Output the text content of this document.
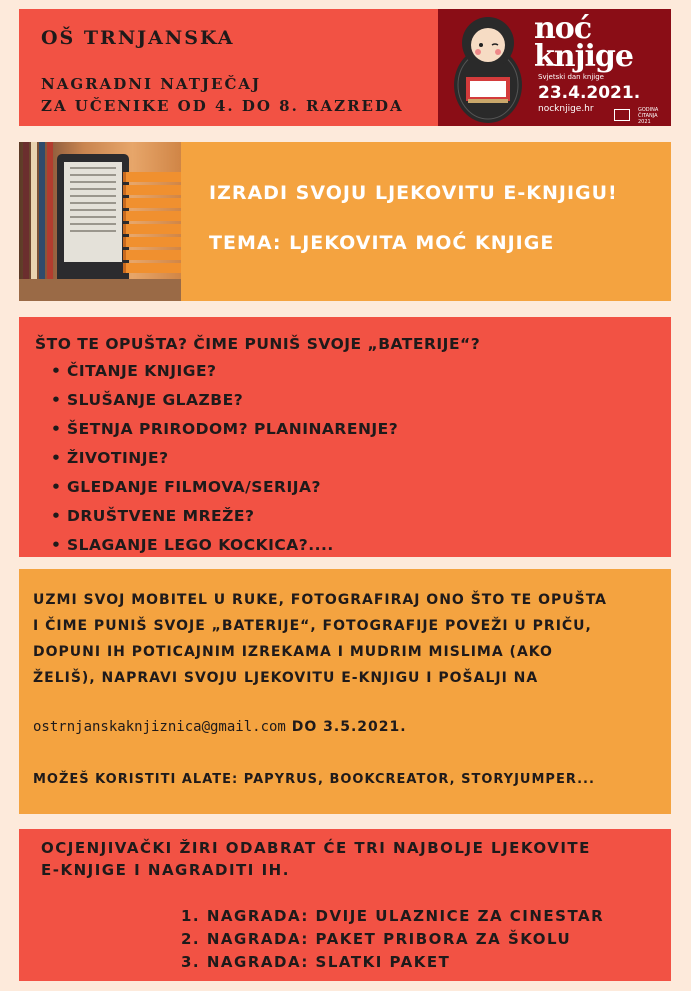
OŠ TRNJANSKA
NAGRADNI NATJEČAJ
ZA UČENIKE OD 4. DO 8. RAZREDA
noć
knjige
Svjetski dan knjige
23.4.2021.
nocknjige.hr	GODINA
ČITANJA
2021
IZRADI SVOJU LJEKOVITU E-KNJIGU!
TEMA: LJEKOVITA MOĆ KNJIGE
ŠTO TE OPUŠTA? ČIME PUNIŠ SVOJE „BATERIJE“?
• ČITANJE KNJIGE?
• SLUŠANJE GLAZBE?
• ŠETNJA PRIRODOM? PLANINARENJE?
• ŽIVOTINJE?
• GLEDANJE FILMOVA/SERIJA?
• DRUŠTVENE MREŽE?
• SLAGANJE LEGO KOCKICA?....
UZMI SVOJ MOBITEL U RUKE, FOTOGRAFIRAJ ONO ŠTO TE OPUŠTA
I ČIME PUNIŠ SVOJE „BATERIJE“, FOTOGRAFIJE POVEŽI U PRIČU,
DOPUNI IH POTICAJNIM IZREKAMA I MUDRIM MISLIMA (AKO
ŽELIŠ), NAPRAVI SVOJU LJEKOVITU E-KNJIGU I POŠALJI NA
ostrnjanskaknjiznica@gmail.com DO 3.5.2021.
MOŽEŠ KORISTITI ALATE: PAPYRUS, BOOKCREATOR, STORYJUMPER...
OCJENJIVAČKI ŽIRI ODABRAT ĆE TRI NAJBOLJE LJEKOVITE
E-KNJIGE I NAGRADITI IH.
1. NAGRADA: DVIJE ULAZNICE ZA CINESTAR
2. NAGRADA: PAKET PRIBORA ZA ŠKOLU
3. NAGRADA: SLATKI PAKET
